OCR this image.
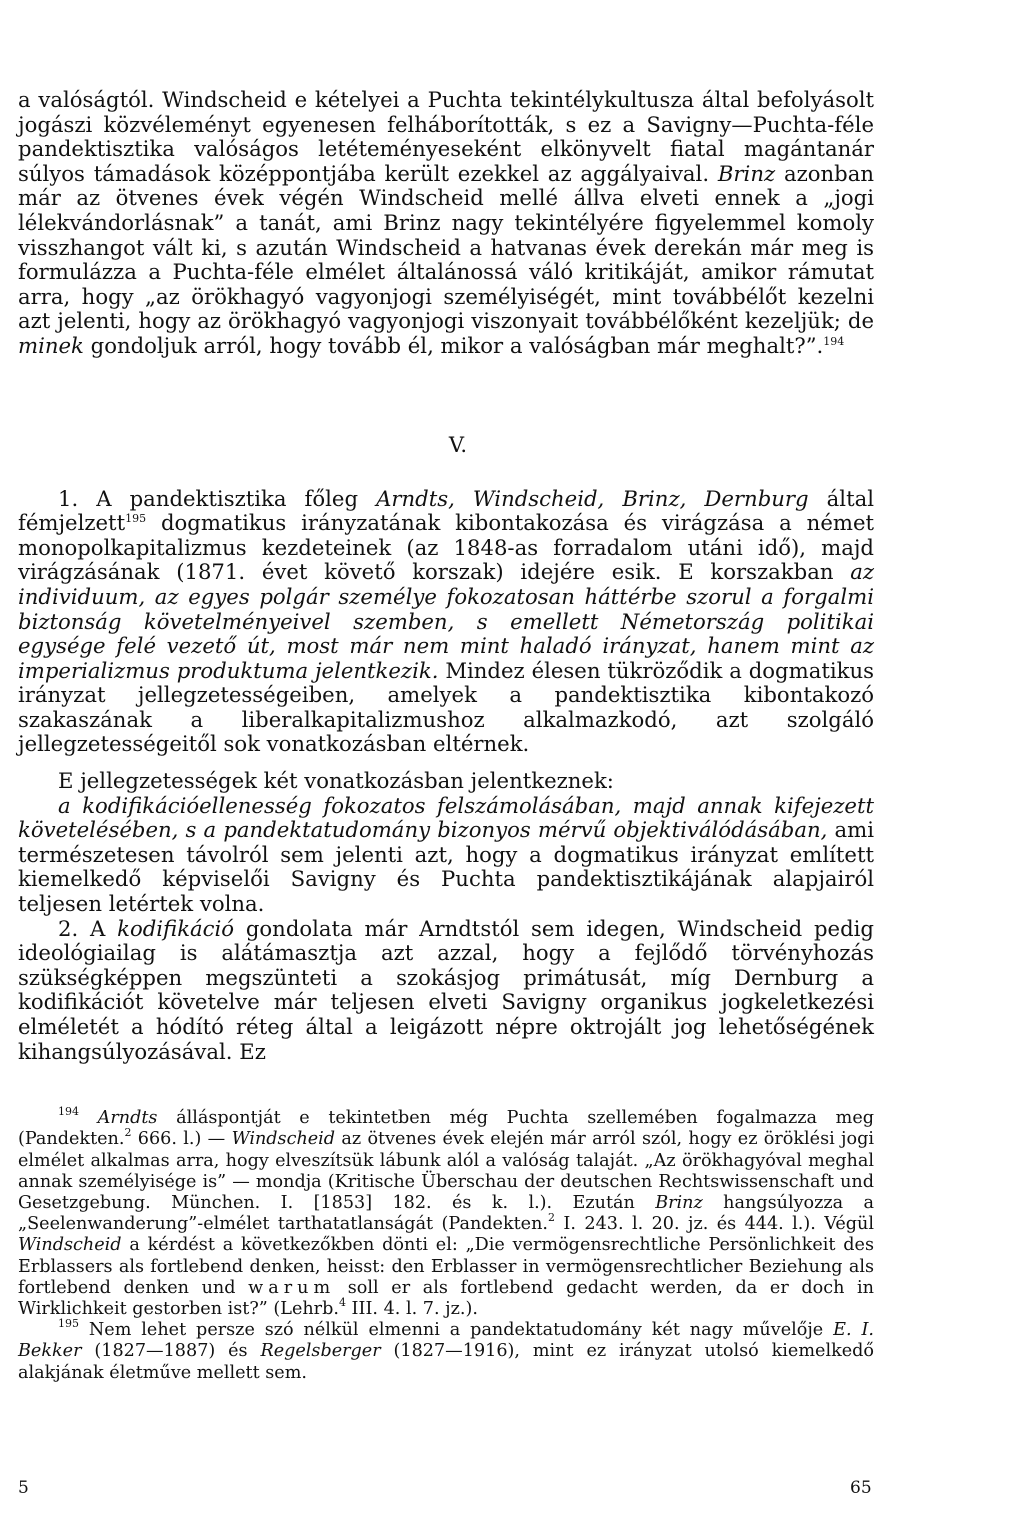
a valóságtól. Windscheid e kételyei a Puchta tekintélykultusza által befolyásolt jogászi közvéleményt egyenesen felháborították, s ez a Savigny—Puchta-féle pandektisztika valóságos letéteményeseként elkönyvelt fiatal magántanár súlyos támadások középpontjába került ezekkel az aggályaival. Brinz azonban már az ötvenes évek végén Windscheid mellé állva elveti ennek a „jogi lélekvándorlásnak” a tanát, ami Brinz nagy tekintélyére figyelemmel komoly visszhangot vált ki, s azután Windscheid a hatvanas évek derekán már meg is formulázza a Puchta-féle elmélet általánossá váló kritikáját, amikor rámutat arra, hogy „az örökhagyó vagyonjogi személyiségét, mint továbbélőt kezelni azt jelenti, hogy az örökhagyó vagyonjogi viszonyait továbbélőként kezeljük; de minek gondoljuk arról, hogy tovább él, mikor a valóságban már meghalt?”.$^{194}$

V.

1. A pandektisztika főleg Arndts, Windscheid, Brinz, Dernburg által fémjelzett$^{195}$ dogmatikus irányzatának kibontakozása és virágzása a német monopolkapitalizmus kezdeteinek (az 1848-as forradalom utáni idő), majd virágzásának (1871. évet követő korszak) idejére esik. E korszakban az individuum, az egyes polgár személye fokozatosan háttérbe szorul a forgalmi biztonság követelményeivel szemben, s emellett Németország politikai egysége felé vezető út, most már nem mint haladó irányzat, hanem mint az imperializmus produktuma jelentkezik. Mindez élesen tükröződik a dogmatikus irányzat jellegzetességeiben, amelyek a pandektisztika kibontakozó szakaszának a liberalkapitalizmushoz alkalmazkodó, azt szolgáló jellegzetességeitől sok vonatkozásban eltérnek.

E jellegzetességek két vonatkozásban jelentkeznek:

a kodifikációellenesség fokozatos felszámolásában, majd annak kifejezett követelésében, s a pandektatudomány bizonyos mérvű objektiválódásában, ami természetesen távolról sem jelenti azt, hogy a dogmatikus irányzat említett kiemelkedő képviselői Savigny és Puchta pandektisztikájának alapjairól teljesen letértek volna.

2. A kodifikáció gondolata már Arndtstól sem idegen, Windscheid pedig ideológiailag is alátámasztja azt azzal, hogy a fejlődő törvényhozás szükségképpen megszünteti a szokásjog primátusát, míg Dernburg a kodifikációt követelve már teljesen elveti Savigny organikus jogkeletkezési elméletét a hódító réteg által a leigázott népre oktrojált jog lehetőségének kihangsúlyozásával. Ez

$^{194}$ Arndts álláspontját e tekintetben még Puchta szellemében fogalmazza meg (Pandekten.$^2$ 666. l.) — Windscheid az ötvenes évek elején már arról szól, hogy ez öröklési jogi elmélet alkalmas arra, hogy elveszítsük lábunk alól a valóság talaját. „Az örökhagyóval meghal annak személyisége is” — mondja (Kritische Überschau der deutschen Rechtswissenschaft und Gesetzgebung. München. I. [1853] 182. és k. l.). Ezután Brinz hangsúlyozza a „Seelenwanderung”-elmélet tarthatatlanságát (Pandekten.$^2$ I. 243. l. 20. jz. és 444. l.). Végül Windscheid a kérdést a következőkben dönti el: „Die vermögensrechtliche Persönlichkeit des Erblassers als fortlebend denken, heisst: den Erblasser in vermögensrechtlicher Beziehung als fortlebend denken und warum soll er als fortlebend gedacht werden, da er doch in Wirklichkeit gestorben ist?” (Lehrb.$^4$ III. 4. l. 7. jz.).

$^{195}$ Nem lehet persze szó nélkül elmenni a pandektatudomány két nagy művelője E. I. Bekker (1827—1887) és Regelsberger (1827—1916), mint ez irányzat utolsó kiemelkedő alakjának életműve mellett sem.

5	65
